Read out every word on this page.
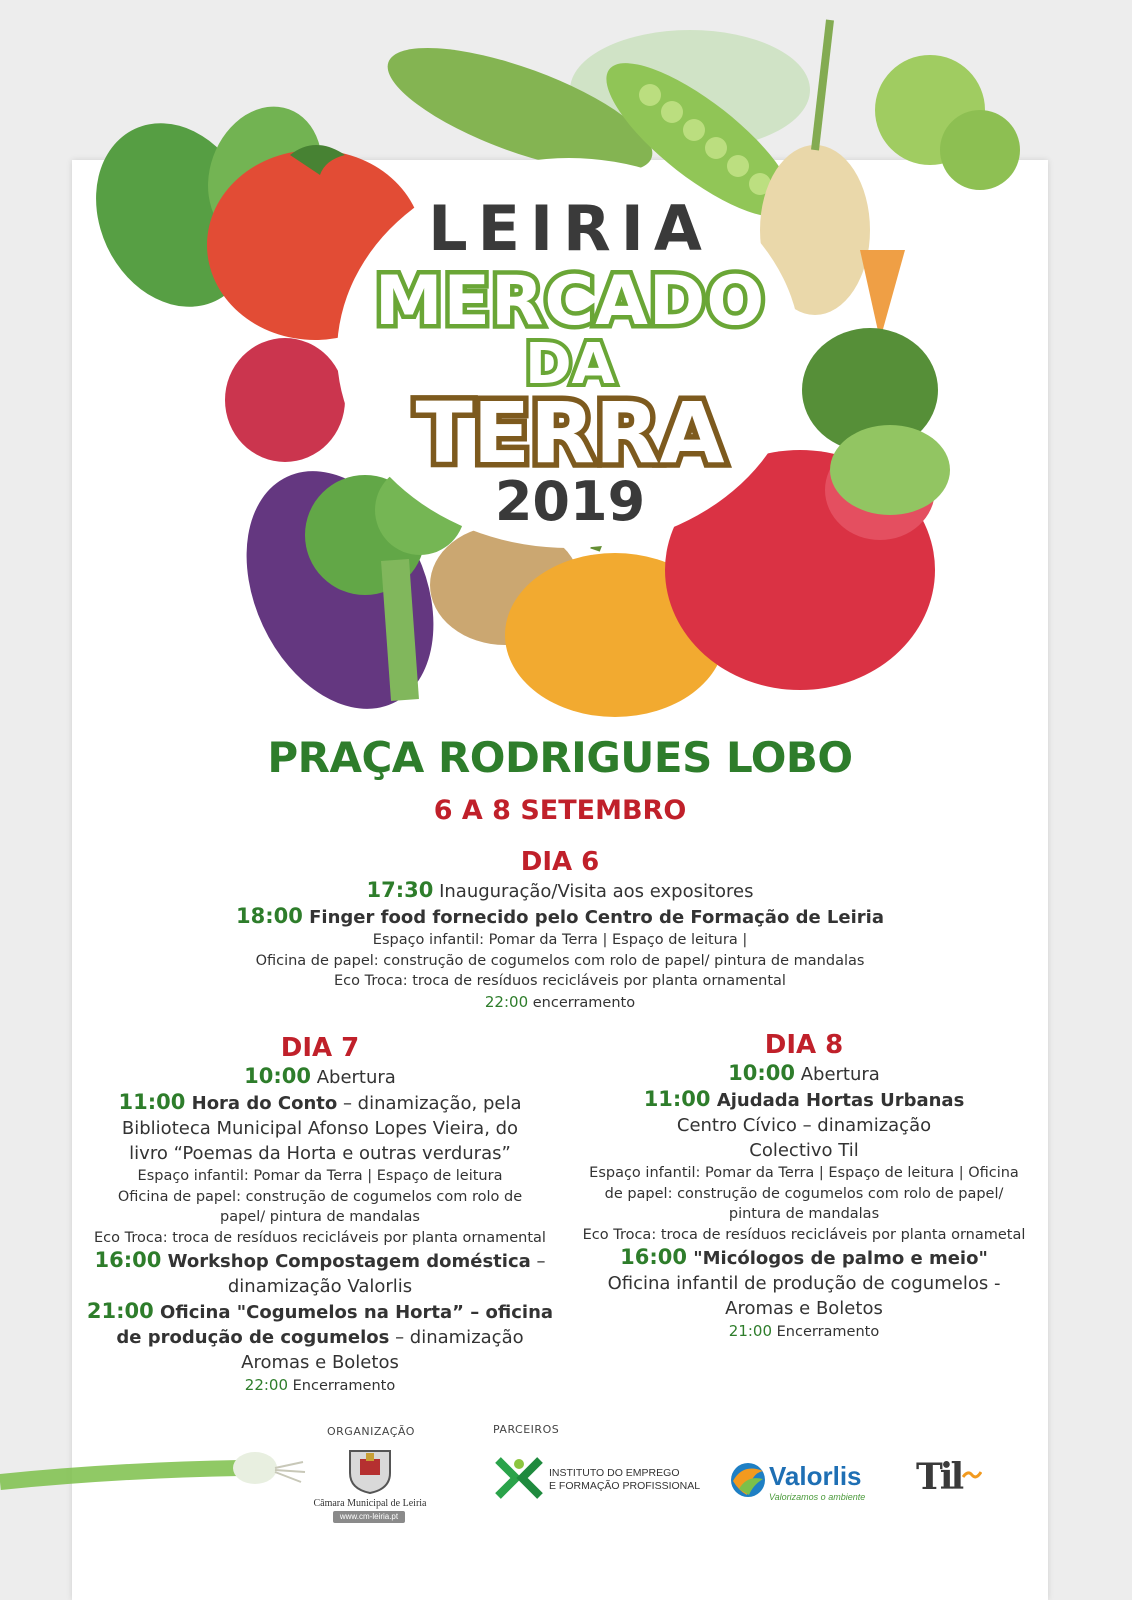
LEIRIA
MERCADO
DA
TERRA
2019
PRAÇA RODRIGUES LOBO
6 A 8 SETEMBRO
DIA 6
17:30 Inauguração/Visita aos expositores
18:00 Finger food fornecido pelo Centro de Formação de Leiria
Espaço infantil: Pomar da Terra | Espaço de leitura |
Oficina de papel: construção de cogumelos com rolo de papel/ pintura de mandalas
Eco Troca: troca de resíduos recicláveis por planta ornamental
22:00 encerramento
DIA 7
10:00 Abertura
11:00 Hora do Conto – dinamização, pela
Biblioteca Municipal Afonso Lopes Vieira, do
livro “Poemas da Horta e outras verduras”
Espaço infantil: Pomar da Terra | Espaço de leitura
Oficina de papel: construção de cogumelos com rolo de
papel/ pintura de mandalas
Eco Troca: troca de resíduos recicláveis por planta ornamental
16:00 Workshop Compostagem doméstica –
dinamização Valorlis
21:00 Oficina "Cogumelos na Horta” – oficina
de produção de cogumelos – dinamização
Aromas e Boletos
22:00 Encerramento
DIA 8
10:00 Abertura
11:00 Ajudada Hortas Urbanas
Centro Cívico – dinamização
Colectivo Til
Espaço infantil: Pomar da Terra | Espaço de leitura | Oficina
de papel: construção de cogumelos com rolo de papel/
pintura de mandalas
Eco Troca: troca de resíduos recicláveis por planta ornametal
16:00 "Micólogos de palmo e meio"
Oficina infantil de produção de cogumelos -
Aromas e Boletos
21:00 Encerramento
ORGANIZAÇÃO	PARCEIROS
Câmara Municipal de Leiria
www.cm-leiria.pt
INSTITUTO DO EMPREGO
E FORMAÇÃO PROFISSIONAL	Valorlis
Valorizamos o ambiente Til
